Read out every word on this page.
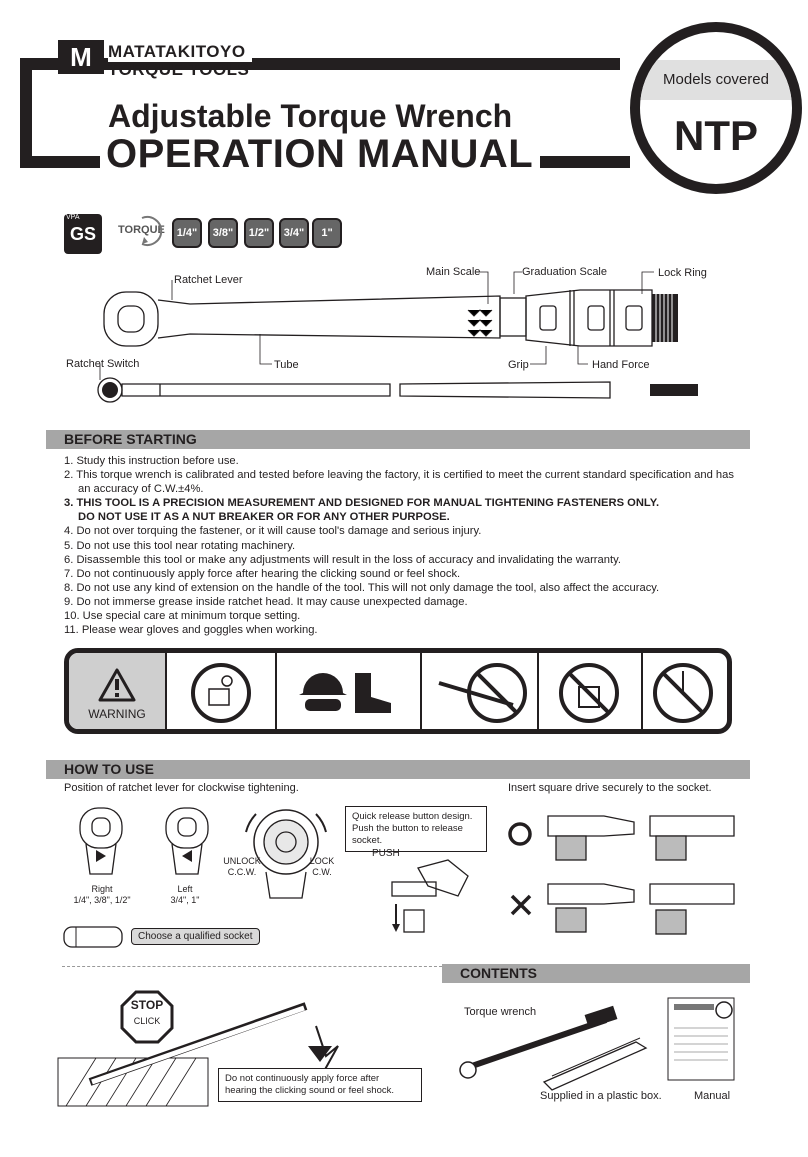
M MATATAKITOYO
TORQUE TOOLS
Adjustable Torque Wrench
OPERATION MANUAL
Models covered
NTP
GS
VPA
TORQUE	1/4"	3/8"	1/2"	3/4"	1"
Ratchet Lever
Main Scale	Graduation Scale	Lock Ring
Tube	Grip	Hand Force
Ratchet Switch
BEFORE STARTING
1. Study this instruction before use.
2. This torque wrench is calibrated and tested before leaving the factory, it is certified to meet the current standard specification and has
an accuracy of C.W.±4%.
3. THIS TOOL IS A PRECISION MEASUREMENT AND DESIGNED FOR MANUAL TIGHTENING FASTENERS ONLY.
DO NOT USE IT AS A NUT BREAKER OR FOR ANY OTHER PURPOSE.
4. Do not over torquing the fastener, or it will cause tool's damage and serious injury.
5. Do not use this tool near rotating machinery.
6. Disassemble this tool or make any adjustments will result in the loss of accuracy and invalidating the warranty.
7. Do not continuously apply force after hearing the clicking sound or feel shock.
8. Do not use any kind of extension on the handle of the tool. This will not only damage the tool, also affect the accuracy.
9. Do not immerse grease inside ratchet head. It may cause unexpected damage.
10. Use special care at minimum torque setting.
11. Please wear gloves and goggles when working.
WARNING
HOW TO USE
Position of ratchet lever for clockwise tightening.	Insert square drive securely to the socket.
Right
1/4", 3/8", 1/2"
Left
3/4", 1"
UNLOCK
C.C.W.
LOCK
C.W.
Quick release button design.
Push the button to release socket.
PUSH
Choose a qualified socket
STOP
CLICK
Do not continuously apply force after
hearing the clicking sound or feel shock.
CONTENTS
Torque wrench
Supplied in a plastic box.	Manual
